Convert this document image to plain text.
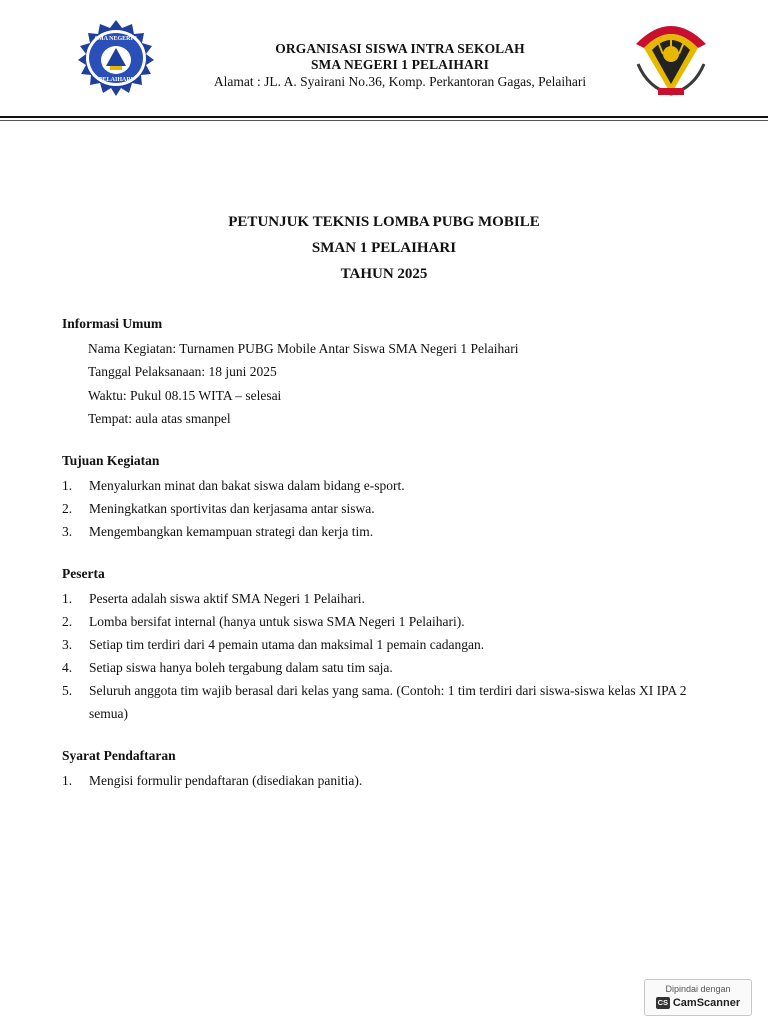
SMA NEGERI 1
PELAIHARI
ORGANISASI SISWA INTRA SEKOLAH
SMA NEGERI 1 PELAIHARI
Alamat : JL. A. Syairani No.36, Komp. Perkantoran Gagas, Pelaihari
PETUNJUK TEKNIS LOMBA PUBG MOBILE
SMAN 1 PELAIHARI
TAHUN 2025
Informasi Umum
Nama Kegiatan: Turnamen PUBG Mobile Antar Siswa SMA Negeri 1 Pelaihari
Tanggal Pelaksanaan: 18 juni 2025
Waktu: Pukul 08.15 WITA – selesai
Tempat: aula atas smanpel
Tujuan Kegiatan
1.	Menyalurkan minat dan bakat siswa dalam bidang e-sport.
2.	Meningkatkan sportivitas dan kerjasama antar siswa.
3.	Mengembangkan kemampuan strategi dan kerja tim.
Peserta
1.	Peserta adalah siswa aktif SMA Negeri 1 Pelaihari.
2.	Lomba bersifat internal (hanya untuk siswa SMA Negeri 1 Pelaihari).
3.	Setiap tim terdiri dari 4 pemain utama dan maksimal 1 pemain cadangan.
4.	Setiap siswa hanya boleh tergabung dalam satu tim saja.
5.	Seluruh anggota tim wajib berasal dari kelas yang sama. (Contoh: 1 tim terdiri dari siswa-siswa kelas XI IPA 2 semua)
Syarat Pendaftaran
1.	Mengisi formulir pendaftaran (disediakan panitia).
Dipindai dengan
CS CamScanner
